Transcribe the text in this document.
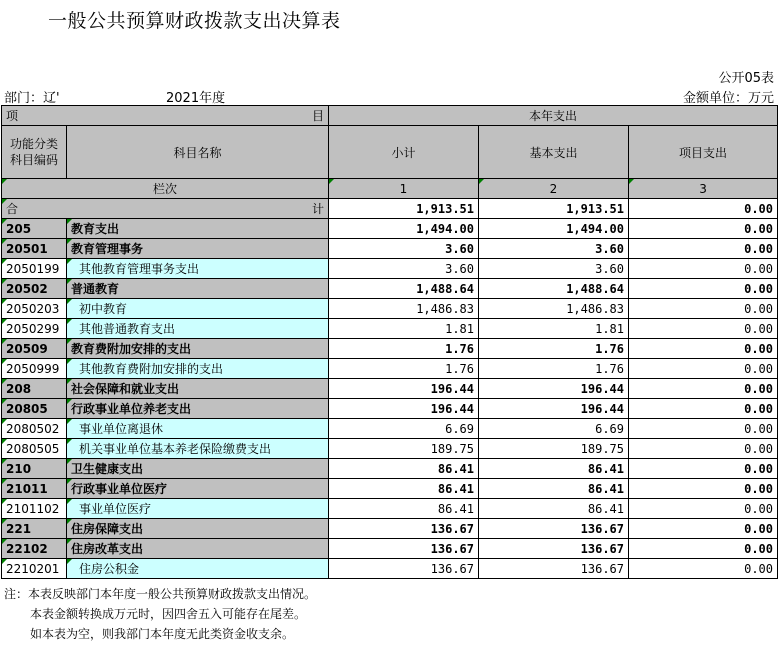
一般公共预算财政拨款支出决算表
公开05表
部门：辽'	2021年度	金额单位：万元
项 目		本年支出		

功能分类
科目编码	科目名称	小计	基本支出	项目支出
栏次		1	2	3

合 计		1,913.51	1,913.51	0.00
205	教育支出	1,494.00	1,494.00	0.00
20501	教育管理事务	3.60	3.60	0.00
2050199	其他教育管理事务支出	3.60	3.60	0.00
20502	普通教育	1,488.64	1,488.64	0.00
2050203	初中教育	1,486.83	1,486.83	0.00
2050299	其他普通教育支出	1.81	1.81	0.00
20509	教育费附加安排的支出	1.76	1.76	0.00
2050999	其他教育费附加安排的支出	1.76	1.76	0.00
208	社会保障和就业支出	196.44	196.44	0.00
20805	行政事业单位养老支出	196.44	196.44	0.00
2080502	事业单位离退休	6.69	6.69	0.00
2080505	机关事业单位基本养老保险缴费支出	189.75	189.75	0.00
210	卫生健康支出	86.41	86.41	0.00
21011	行政事业单位医疗	86.41	86.41	0.00
2101102	事业单位医疗	86.41	86.41	0.00
221	住房保障支出	136.67	136.67	0.00
22102	住房改革支出	136.67	136.67	0.00
2210201	住房公积金	136.67	136.67	0.00
注：本表反映部门本年度一般公共预算财政拨款支出情况。
本表金额转换成万元时，因四舍五入可能存在尾差。
如本表为空，则我部门本年度无此类资金收支余。
